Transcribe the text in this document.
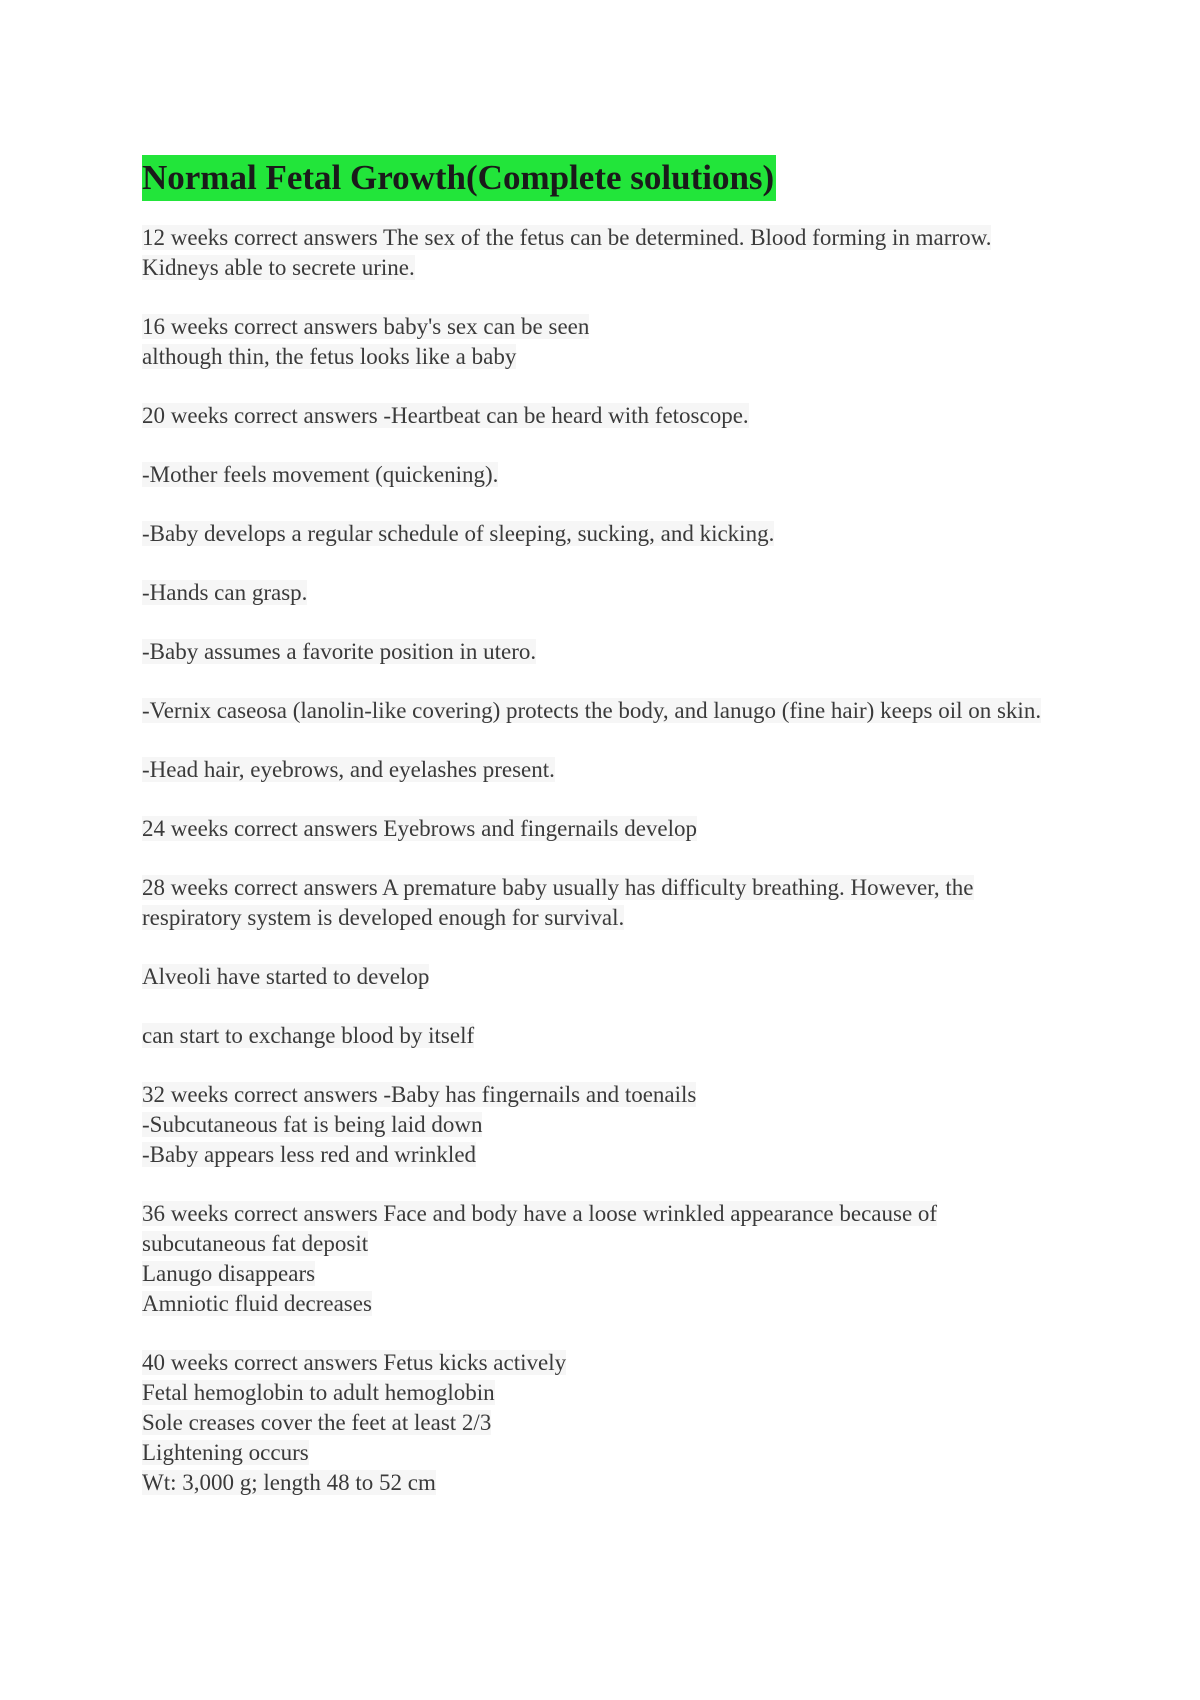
Normal Fetal Growth(Complete solutions)
12 weeks correct answers The sex of the fetus can be determined. Blood forming in marrow. Kidneys able to secrete urine.
16 weeks correct answers baby's sex can be seen
although thin, the fetus looks like a baby
20 weeks correct answers -Heartbeat can be heard with fetoscope.
-Mother feels movement (quickening).
-Baby develops a regular schedule of sleeping, sucking, and kicking.
-Hands can grasp.
-Baby assumes a favorite position in utero.
-Vernix caseosa (lanolin-like covering) protects the body, and lanugo (fine hair) keeps oil on skin.
-Head hair, eyebrows, and eyelashes present.
24 weeks correct answers Eyebrows and fingernails develop
28 weeks correct answers A premature baby usually has difficulty breathing. However, the respiratory system is developed enough for survival.
Alveoli have started to develop
can start to exchange blood by itself
32 weeks correct answers -Baby has fingernails and toenails
-Subcutaneous fat is being laid down
-Baby appears less red and wrinkled
36 weeks correct answers Face and body have a loose wrinkled appearance because of subcutaneous fat deposit
Lanugo disappears
Amniotic fluid decreases
40 weeks correct answers Fetus kicks actively
Fetal hemoglobin to adult hemoglobin
Sole creases cover the feet at least 2/3
Lightening occurs
Wt: 3,000 g; length 48 to 52 cm
